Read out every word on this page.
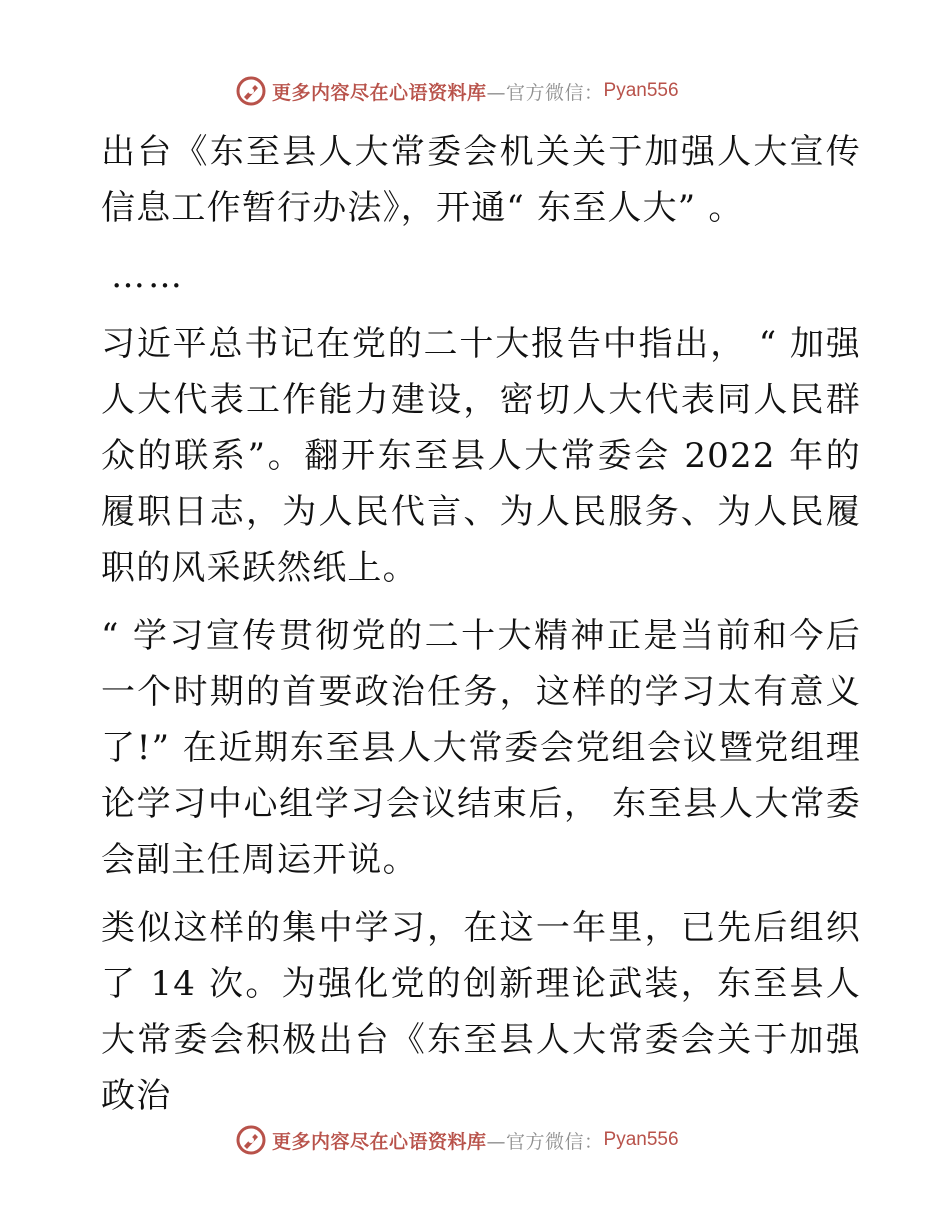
更多内容尽在心语资料库 —官方微信： Pyan556

出台《东至县人大常委会机关关于加强人大宣传信息工作暂行办法》，开通“ 东至人大” 。

……

习近平总书记在党的二十大报告中指出， “ 加强人大代表工作能力建设，密切人大代表同人民群众的联系”。翻开东至县人大常委会 2022 年的履职日志，为人民代言、为人民服务、为人民履职的风采跃然纸上。

“ 学习宣传贯彻党的二十大精神正是当前和今后一个时期的首要政治任务，这样的学习太有意义了!” 在近期东至县人大常委会党组会议暨党组理论学习中心组学习会议结束后， 东至县人大常委会副主任周运开说。

类似这样的集中学习，在这一年里，已先后组织了 14 次。为强化党的创新理论武装，东至县人大常委会积极出台《东至县人大常委会关于加强政治

更多内容尽在心语资料库 —官方微信： Pyan556
